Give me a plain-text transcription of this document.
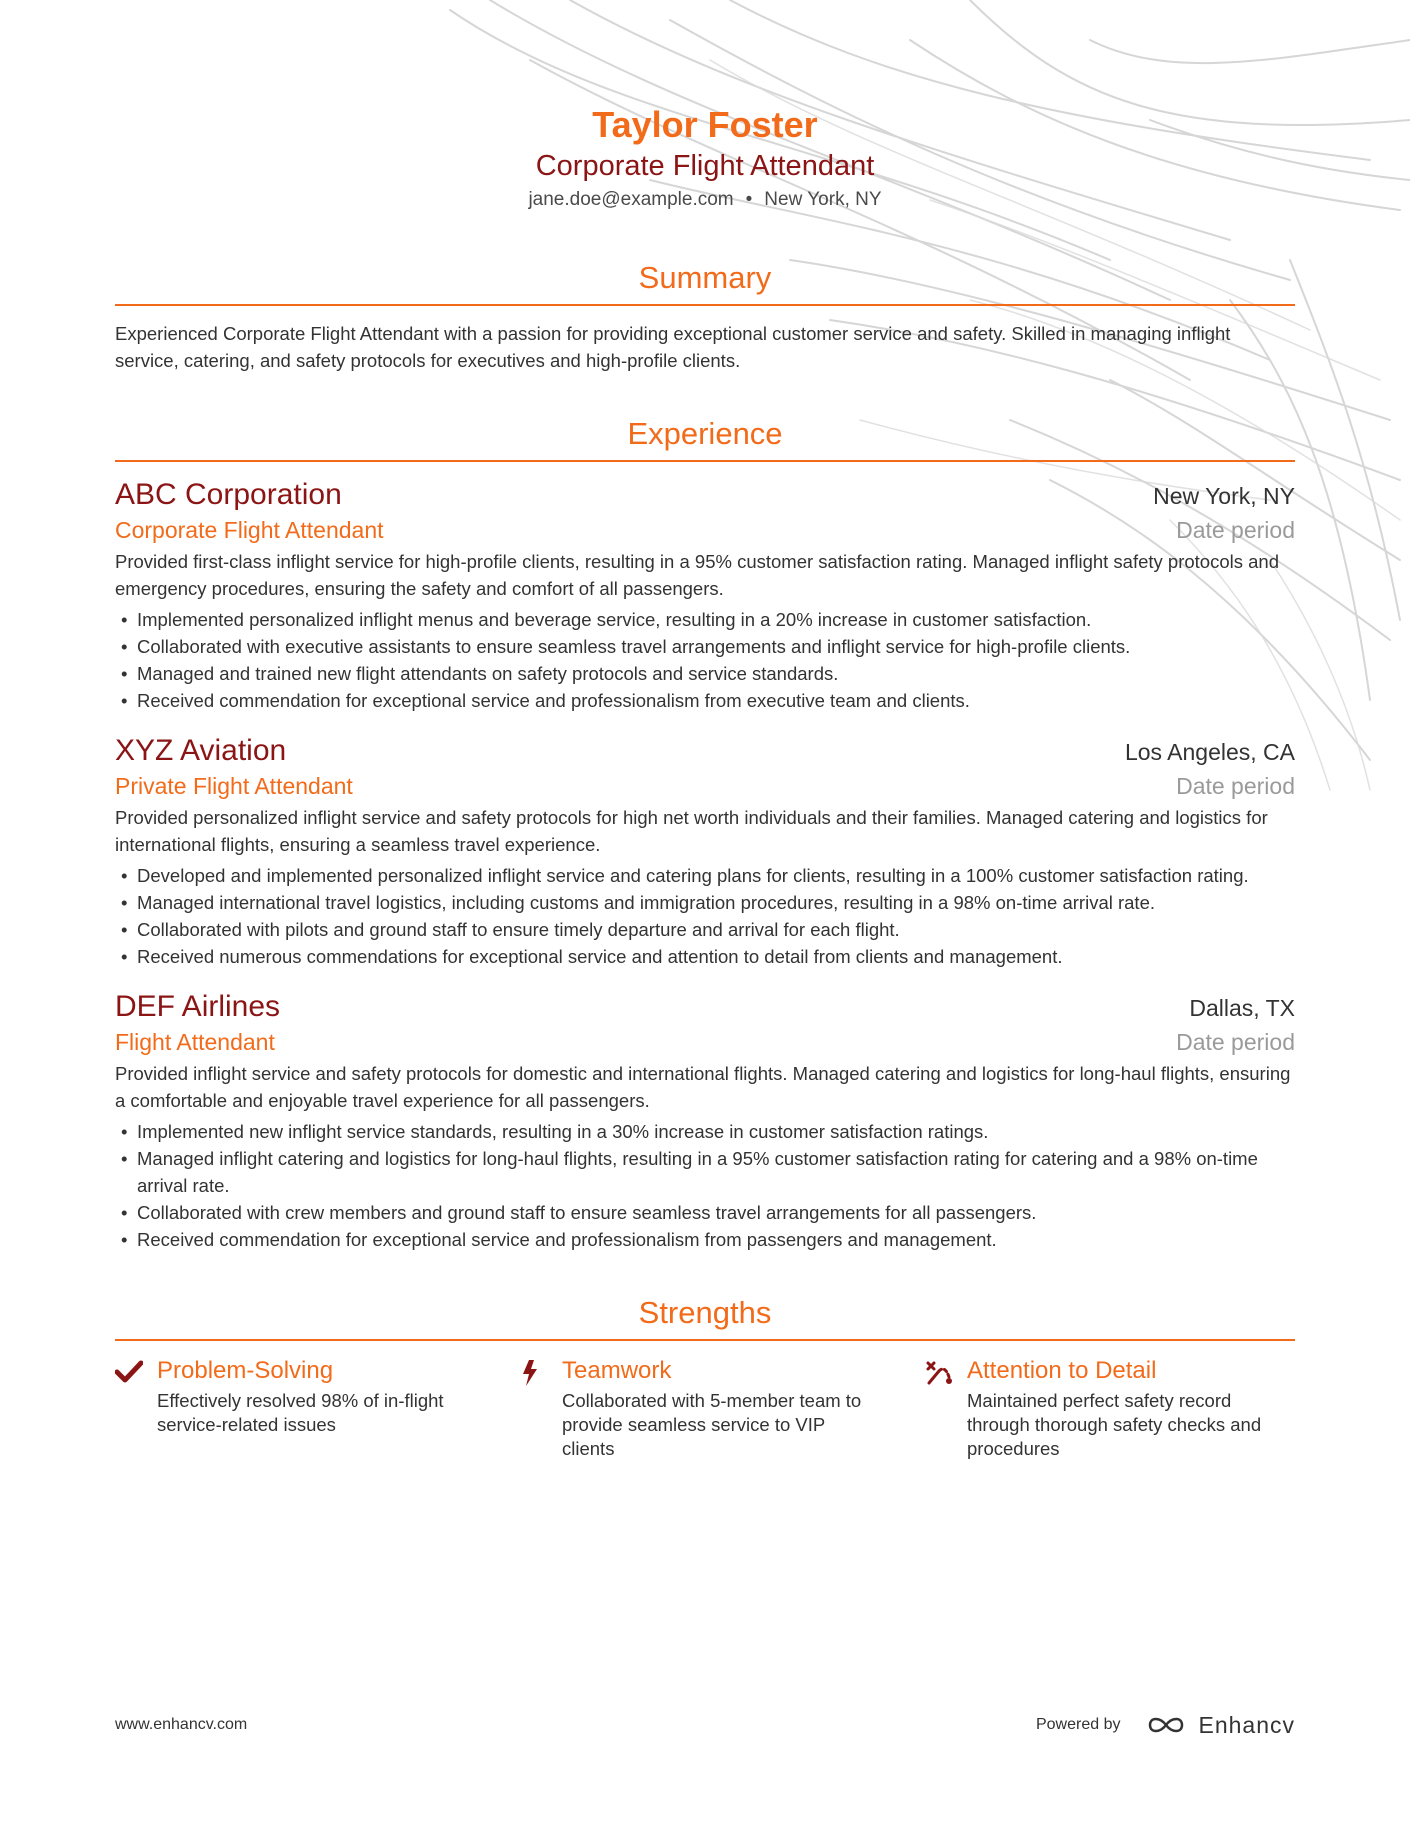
Taylor Foster
Corporate Flight Attendant
jane.doe@example.com • New York, NY
Summary
Experienced Corporate Flight Attendant with a passion for providing exceptional customer service and safety. Skilled in managing inflight service, catering, and safety protocols for executives and high-profile clients.
Experience
ABC Corporation	New York, NY
Corporate Flight Attendant	Date period
Provided first-class inflight service for high-profile clients, resulting in a 95% customer satisfaction rating. Managed inflight safety protocols and emergency procedures, ensuring the safety and comfort of all passengers.
• Implemented personalized inflight menus and beverage service, resulting in a 20% increase in customer satisfaction.
• Collaborated with executive assistants to ensure seamless travel arrangements and inflight service for high-profile clients.
• Managed and trained new flight attendants on safety protocols and service standards.
• Received commendation for exceptional service and professionalism from executive team and clients.
XYZ Aviation	Los Angeles, CA
Private Flight Attendant	Date period
Provided personalized inflight service and safety protocols for high net worth individuals and their families. Managed catering and logistics for international flights, ensuring a seamless travel experience.
• Developed and implemented personalized inflight service and catering plans for clients, resulting in a 100% customer satisfaction rating.
• Managed international travel logistics, including customs and immigration procedures, resulting in a 98% on-time arrival rate.
• Collaborated with pilots and ground staff to ensure timely departure and arrival for each flight.
• Received numerous commendations for exceptional service and attention to detail from clients and management.
DEF Airlines	Dallas, TX
Flight Attendant	Date period
Provided inflight service and safety protocols for domestic and international flights. Managed catering and logistics for long-haul flights, ensuring a comfortable and enjoyable travel experience for all passengers.
• Implemented new inflight service standards, resulting in a 30% increase in customer satisfaction ratings.
• Managed inflight catering and logistics for long-haul flights, resulting in a 95% customer satisfaction rating for catering and a 98% on-time arrival rate.
• Collaborated with crew members and ground staff to ensure seamless travel arrangements for all passengers.
• Received commendation for exceptional service and professionalism from passengers and management.
Strengths
Problem-Solving
Effectively resolved 98% of in-flight service-related issues
Teamwork
Collaborated with 5-member team to provide seamless service to VIP clients
Attention to Detail
Maintained perfect safety record through thorough safety checks and procedures
www.enhancv.com	Powered by	Enhancv
